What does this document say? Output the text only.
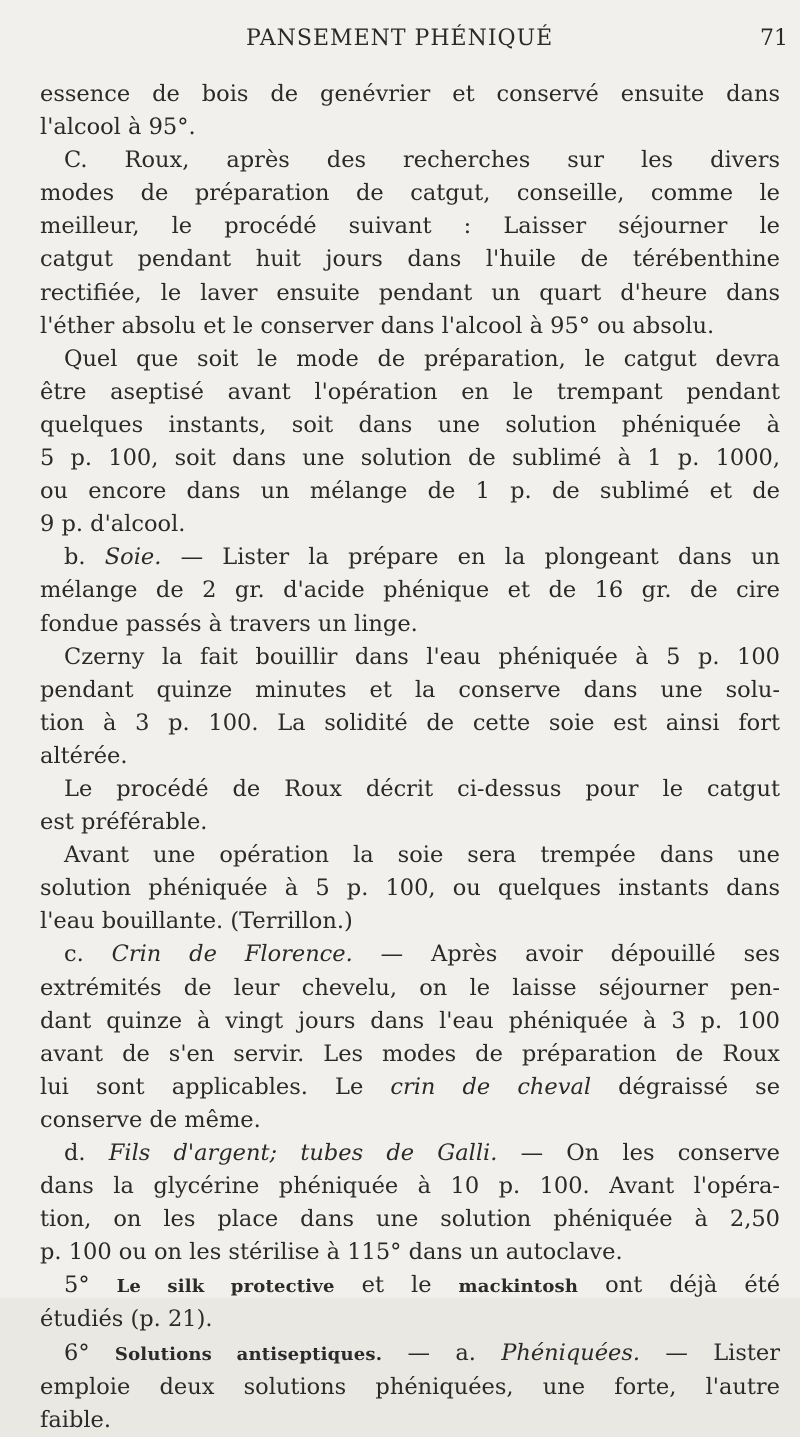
PANSEMENT PHÉNIQUÉ	71
essence de bois de genévrier et conservé ensuite dans
l'alcool à 95°.
C. Roux, après des recherches sur les divers
modes de préparation de catgut, conseille, comme le
meilleur, le procédé suivant : Laisser séjourner le
catgut pendant huit jours dans l'huile de térébenthine
rectifiée, le laver ensuite pendant un quart d'heure dans
l'éther absolu et le conserver dans l'alcool à 95° ou absolu.
Quel que soit le mode de préparation, le catgut devra
être aseptisé avant l'opération en le trempant pendant
quelques instants, soit dans une solution phéniquée à
5 p. 100, soit dans une solution de sublimé à 1 p. 1000,
ou encore dans un mélange de 1 p. de sublimé et de
9 p. d'alcool.
b. Soie. — Lister la prépare en la plongeant dans un
mélange de 2 gr. d'acide phénique et de 16 gr. de cire
fondue passés à travers un linge.
Czerny la fait bouillir dans l'eau phéniquée à 5 p. 100
pendant quinze minutes et la conserve dans une solu-
tion à 3 p. 100. La solidité de cette soie est ainsi fort
altérée.
Le procédé de Roux décrit ci-dessus pour le catgut
est préférable.
Avant une opération la soie sera trempée dans une
solution phéniquée à 5 p. 100, ou quelques instants dans
l'eau bouillante. (Terrillon.)
c. Crin de Florence. — Après avoir dépouillé ses
extrémités de leur chevelu, on le laisse séjourner pen-
dant quinze à vingt jours dans l'eau phéniquée à 3 p. 100
avant de s'en servir. Les modes de préparation de Roux
lui sont applicables. Le crin de cheval dégraissé se
conserve de même.
d. Fils d'argent; tubes de Galli. — On les conserve
dans la glycérine phéniquée à 10 p. 100. Avant l'opéra-
tion, on les place dans une solution phéniquée à 2,50
p. 100 ou on les stérilise à 115° dans un autoclave.
5° Le silk protective et le mackintosh ont déjà été
étudiés (p. 21).
6° Solutions antiseptiques. — a. Phéniquées. — Lister
emploie deux solutions phéniquées, une forte, l'autre
faible.
